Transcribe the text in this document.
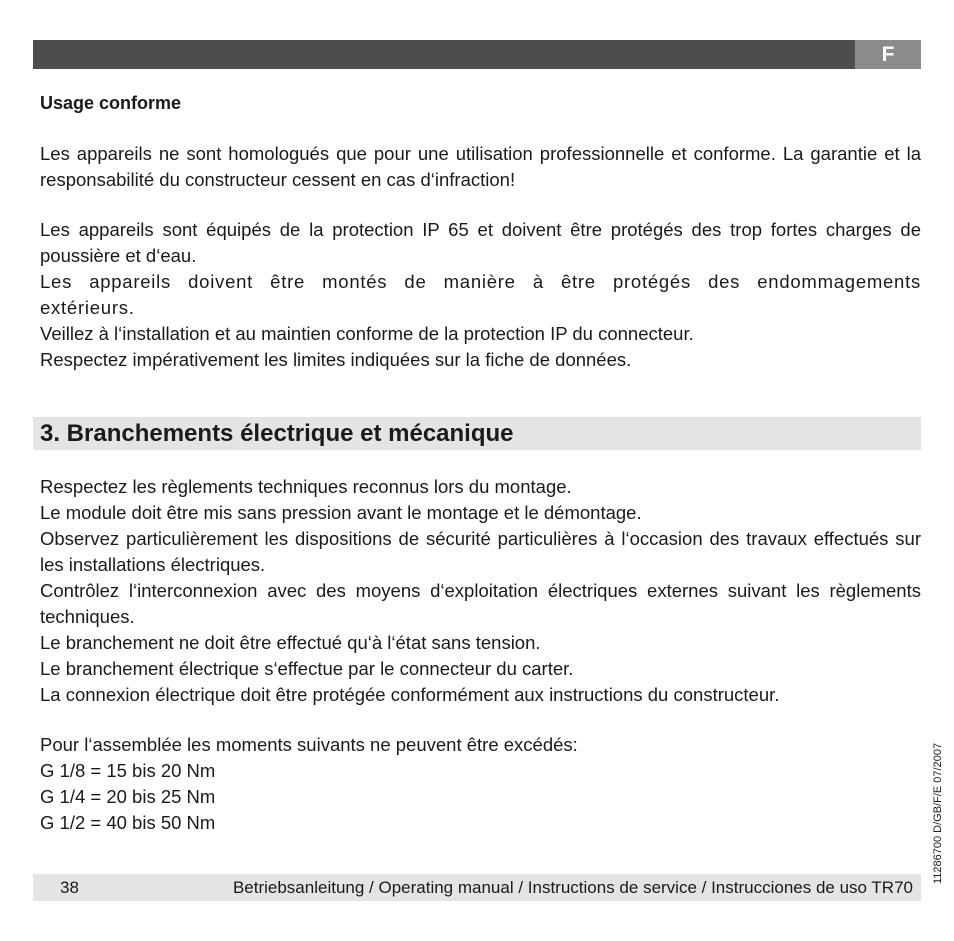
F
Usage conforme

Les appareils ne sont homologués que pour une utilisation professionnelle et conforme. La garantie et la responsabilité du constructeur cessent en cas d‘infraction!

Les appareils sont équipés de la protection IP 65 et doivent être protégés des trop fortes charges de poussière et d‘eau.

Les appareils doivent être montés de manière à être protégés des endommagements extérieurs.

Veillez à l‘installation et au maintien conforme de la protection IP du connecteur.

Respectez impérativement les limites indiquées sur la fiche de données.

3. Branchements électrique et mécanique

Respectez les règlements techniques reconnus lors du montage.

Le module doit être mis sans pression avant le montage et le démontage.

Observez particulièrement les dispositions de sécurité particulières à l‘occasion des travaux effectués sur les installations électriques.

Contrôlez l‘interconnexion avec des moyens d‘exploitation électriques externes suivant les règlements techniques.

Le branchement ne doit être effectué qu‘à l‘état sans tension.

Le branchement électrique s‘effectue par le connecteur du carter.

La connexion électrique doit être protégée conformément aux instructions du constructeur.

Pour l‘assemblée les moments suivants ne peuvent être excédés:

G 1/8 = 15 bis 20 Nm

G 1/4 = 20 bis 25 Nm

G 1/2 = 40 bis 50 Nm	11286700 D/GB/F/E 07/2007
38	Betriebsanleitung / Operating manual / Instructions de service / Instrucciones de uso TR70
